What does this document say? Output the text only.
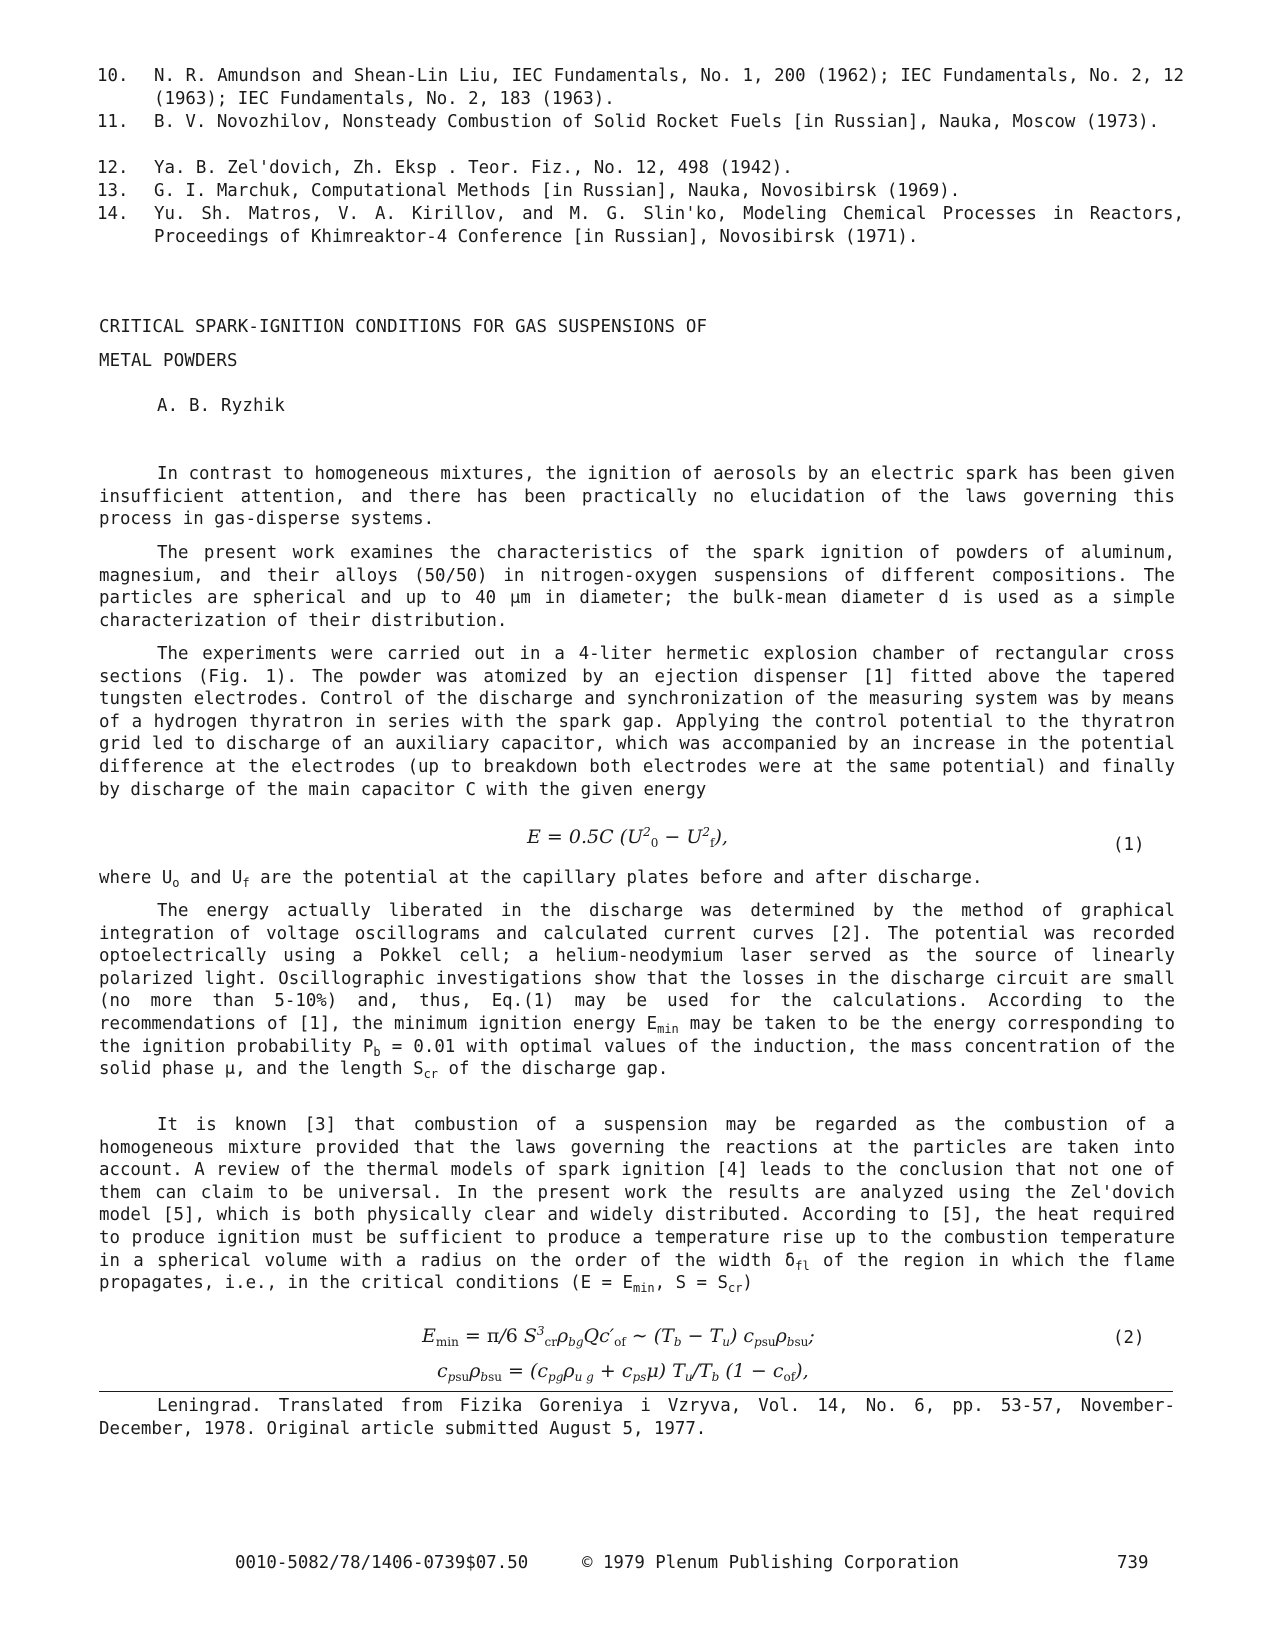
10.	N. R. Amundson and Shean-Lin Liu, IEC Fundamentals, No. 1, 200 (1962); IEC Fundamentals, No. 2, 12 (1963); IEC Fundamentals, No. 2, 183 (1963).
11.	B. V. Novozhilov, Nonsteady Combustion of Solid Rocket Fuels [in Russian], Nauka, Moscow (1973).
12.	Ya. B. Zel'dovich, Zh. Eksp . Teor. Fiz., No. 12, 498 (1942).
13.	G. I. Marchuk, Computational Methods [in Russian], Nauka, Novosibirsk (1969).
14.	Yu. Sh. Matros, V. A. Kirillov, and M. G. Slin'ko, Modeling Chemical Processes in Reactors, Proceedings of Khimreaktor-4 Conference [in Russian], Novosibirsk (1971).
CRITICAL SPARK-IGNITION CONDITIONS FOR GAS SUSPENSIONS OF
METAL POWDERS
A. B. Ryzhik

In contrast to homogeneous mixtures, the ignition of aerosols by an electric spark has been given insufficient attention, and there has been practically no elucidation of the laws governing this process in gas-disperse systems.

The present work examines the characteristics of the spark ignition of powders of aluminum, magnesium, and their alloys (50/50) in nitrogen-oxygen suspensions of different compositions. The particles are spherical and up to 40 μm in diameter; the bulk-mean diameter d is used as a simple characterization of their distribution.

The experiments were carried out in a 4-liter hermetic explosion chamber of rectangular cross sections (Fig. 1). The powder was atomized by an ejection dispenser [1] fitted above the tapered tungsten electrodes. Control of the discharge and synchronization of the measuring system was by means of a hydrogen thyratron in series with the spark gap. Applying the control potential to the thyratron grid led to discharge of an auxiliary capacitor, which was accompanied by an increase in the potential difference at the electrodes (up to breakdown both electrodes were at the same potential) and finally by discharge of the main capacitor C with the given energy

E = 0.5C $(U^2_0 - U^2_f)$,	(1)

where $U_o$ and $U_f$ are the potential at the capillary plates before and after discharge.

The energy actually liberated in the discharge was determined by the method of graphical integration of voltage oscillograms and calculated current curves [2]. The potential was recorded optoelectrically using a Pokkel cell; a helium-neodymium laser served as the source of linearly polarized light. Oscillographic investigations show that the losses in the discharge circuit are small (no more than 5-10%) and, thus, Eq.(1) may be used for the calculations. According to the recommendations of [1], the minimum ignition energy $E_{min}$ may be taken to be the energy corresponding to the ignition probability $P_b = 0.01$ with optimal values of the induction, the mass concentration of the solid phase μ, and the length $S_{cr}$ of the discharge gap.

It is known [3] that combustion of a suspension may be regarded as the combustion of a homogeneous mixture provided that the laws governing the reactions at the particles are taken into account. A review of the thermal models of spark ignition [4] leads to the conclusion that not one of them can claim to be universal. In the present work the results are analyzed using the Zel'dovich model [5], which is both physically clear and widely distributed. According to [5], the heat required to produce ignition must be sufficient to produce a temperature rise up to the combustion temperature in a spherical volume with a radius on the order of the width $\delta_{fl}$ of the region in which the flame propagates, i.e., in the critical conditions ($E = E_{min}$, $S = S_{cr}$)

$E_{min} = \pi/6$ $S^3_{cr}\rho_{bg}Qc'_{of}$ ∼ $(T_b - T_u)$ $c_{psu}\rho_{bsu}$;
$c_{psu}\rho_{bsu} = (c_{pg}\rho_{u g} + c_{ps}\mu)$ $T_u/T_b$ $(1 - c_{of})$,
(2)
Leningrad. Translated from Fizika Goreniya i Vzryva, Vol. 14, No. 6, pp. 53-57, November-December, 1978. Original article submitted August 5, 1977.
0010-5082/78/1406-0739$07.50	© 1979 Plenum Publishing Corporation	739
